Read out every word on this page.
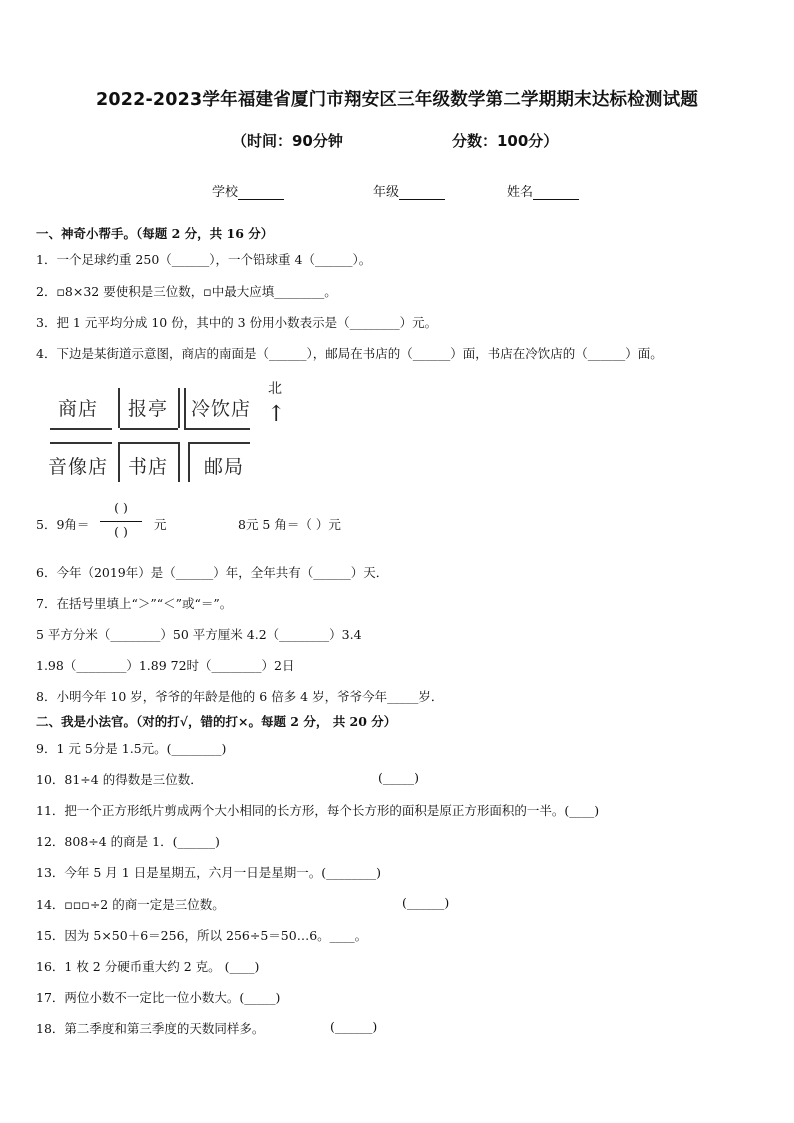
2022-2023学年福建省厦门市翔安区三年级数学第二学期期末达标检测试题
（时间：90分钟	分数：100分）
学校	年级	姓名
一、神奇小帮手。（每题 2 分，共 16 分）
1．一个足球约重 250（______），一个铅球重 4（______）。
2．▫8×32 要使积是三位数，▫中最大应填________。
3．把 1 元平均分成 10 份，其中的 3 份用小数表示是（________）元。
4．下边是某街道示意图，商店的南面是（______），邮局在书店的（______）面，书店在冷饮店的（______）面。
商店 报亭 冷饮店
北
↑
音像店 书店 邮局
5．9角＝
( )
( )	元	8元 5 角＝（ ）元
6．今年（2019年）是（______）年，全年共有（______）天．
7．在括号里填上“＞”“＜”或“＝”。
5 平方分米（________）50 平方厘米 4.2（________）3.4
1.98（________）1.89 72时（________）2日
8．小明今年 10 岁，爷爷的年龄是他的 6 倍多 4 岁，爷爷今年_____岁．
二、我是小法官。（对的打√，错的打×。每题 2 分， 共 20 分）
9．1 元 5分是 1.5元。(________)
10．81÷4 的得数是三位数．	(_____)
11．把一个正方形纸片剪成两个大小相同的长方形，每个长方形的面积是原正方形面积的一半。(____)
12．808÷4 的商是 1．(______)
13．今年 5 月 1 日是星期五，六月一日是星期一。(________)
14．▫▫▫÷2 的商一定是三位数。	(______)
15．因为 5×50＋6＝256，所以 256÷5＝50…6。____。
16．1 枚 2 分硬币重大约 2 克。 (____)
17．两位小数不一定比一位小数大。(_____)
18．第二季度和第三季度的天数同样多。	(______)
